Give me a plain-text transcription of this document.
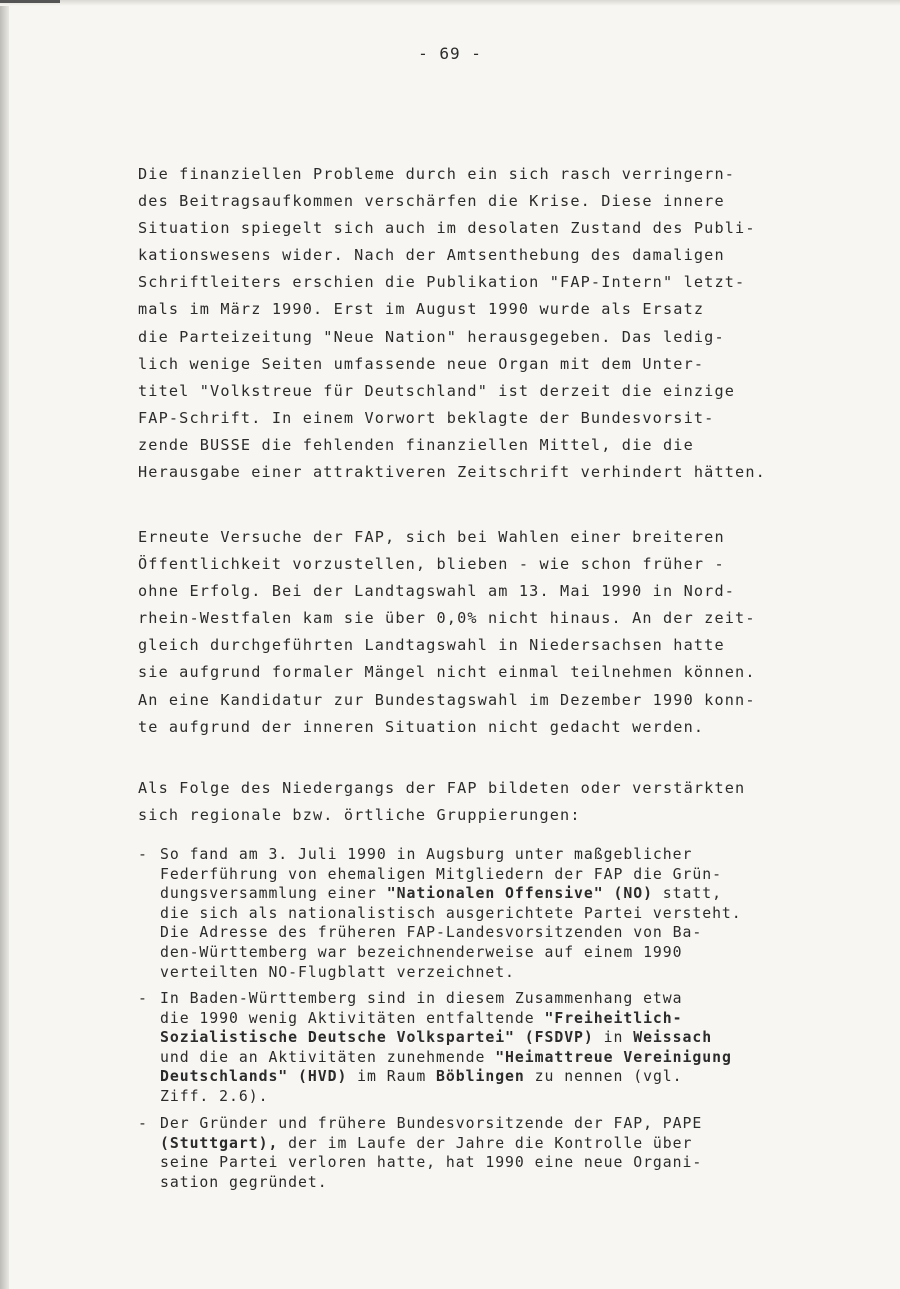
- 69 -

Die finanziellen Probleme durch ein sich rasch verringern-
des Beitragsaufkommen verschärfen die Krise. Diese innere
Situation spiegelt sich auch im desolaten Zustand des Publi-
kationswesens wider. Nach der Amtsenthebung des damaligen
Schriftleiters erschien die Publikation "FAP-Intern" letzt-
mals im März 1990. Erst im August 1990 wurde als Ersatz
die Parteizeitung "Neue Nation" herausgegeben. Das ledig-
lich wenige Seiten umfassende neue Organ mit dem Unter-
titel "Volkstreue für Deutschland" ist derzeit die einzige
FAP-Schrift. In einem Vorwort beklagte der Bundesvorsit-
zende BUSSE die fehlenden finanziellen Mittel, die die
Herausgabe einer attraktiveren Zeitschrift verhindert hätten.

Erneute Versuche der FAP, sich bei Wahlen einer breiteren
Öffentlichkeit vorzustellen, blieben - wie schon früher -
ohne Erfolg. Bei der Landtagswahl am 13. Mai 1990 in Nord-
rhein-Westfalen kam sie über 0,0% nicht hinaus. An der zeit-
gleich durchgeführten Landtagswahl in Niedersachsen hatte
sie aufgrund formaler Mängel nicht einmal teilnehmen können.
An eine Kandidatur zur Bundestagswahl im Dezember 1990 konn-
te aufgrund der inneren Situation nicht gedacht werden.

Als Folge des Niedergangs der FAP bildeten oder verstärkten
sich regionale bzw. örtliche Gruppierungen:

- So fand am 3. Juli 1990 in Augsburg unter maßgeblicher
Federführung von ehemaligen Mitgliedern der FAP die Grün-
dungsversammlung einer "Nationalen Offensive" (NO) statt,
die sich als nationalistisch ausgerichtete Partei versteht.
Die Adresse des früheren FAP-Landesvorsitzenden von Ba-
den-Württemberg war bezeichnenderweise auf einem 1990
verteilten NO-Flugblatt verzeichnet.
- In Baden-Württemberg sind in diesem Zusammenhang etwa
die 1990 wenig Aktivitäten entfaltende "Freiheitlich-
Sozialistische Deutsche Volkspartei" (FSDVP) in Weissach
und die an Aktivitäten zunehmende "Heimattreue Vereinigung
Deutschlands" (HVD) im Raum Böblingen zu nennen (vgl.
Ziff. 2.6).
- Der Gründer und frühere Bundesvorsitzende der FAP, PAPE
(Stuttgart), der im Laufe der Jahre die Kontrolle über
seine Partei verloren hatte, hat 1990 eine neue Organi-
sation gegründet.
